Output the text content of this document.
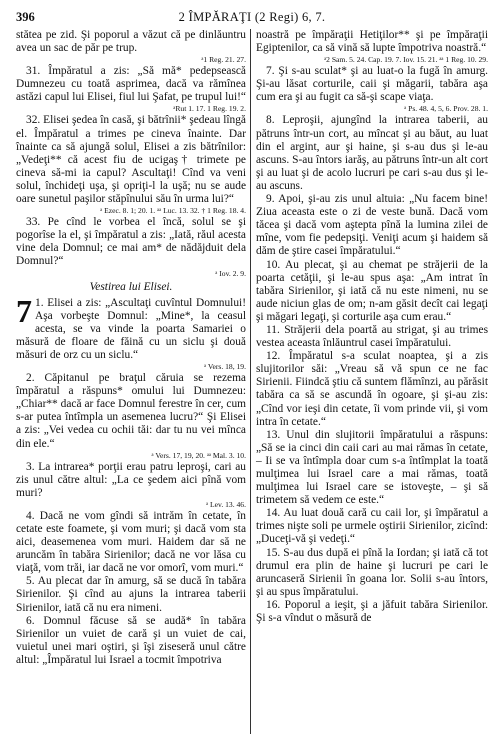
396	2 ÎMPĂRAŢI (2 Regi) 6, 7.

stătea pe zid. Şi poporul a văzut că pe dinlăuntru avea un sac de păr pe trup.

ᵃ1 Reg. 21. 27.

31. Împăratul a zis: „Să mă* pedepsească Dumnezeu cu toată asprimea, dacă va rămînea astăzi capul lui Elisei, fiul lui Şafat, pe trupul lui!“

ᵃRut 1. 17. 1 Reg. 19. 2.

32. Elisei şedea în casă, şi bătrînii* şedeau lîngă el. Împăratul a trimes pe cineva înainte. Dar înainte ca să ajungă solul, Elisei a zis bătrînilor: „Vedeţi** că acest fiu de ucigaş† trimete pe cineva să-mi ia capul? Ascultaţi! Cînd va veni solul, închideţi uşa, şi opriţi-l la uşă; nu se aude oare sunetul paşilor stăpînului său în urma lui?“

ᵃ Ezec. 8. 1; 20. 1. ᵃᵃ Luc. 13. 32. † 1 Reg. 18. 4.

33. Pe cînd le vorbea el încă, solul se şi pogorîse la el, şi împăratul a zis: „Iată, răul acesta vine dela Domnul; ce mai am* de nădăjduit dela Domnul?“

ᵃ Iov. 2. 9.

Vestirea lui Elisei.

7 1. Elisei a zis: „Ascultaţi cuvîntul Domnului! Aşa vorbeşte Domnul: „Mine*, la ceasul acesta, se va vinde la poarta Samariei o măsură de floare de făină cu un siclu şi două măsuri de orz cu un siclu.“

ᵃ Vers. 18, 19.

2. Căpitanul pe braţul căruia se rezema împăratul a răspuns* omului lui Dumnezeu: „Chiar** dacă ar face Domnul ferestre în cer, cum s-ar putea întîmpla un asemenea lucru?“ Şi Elisei a zis: „Vei vedea cu ochii tăi: dar tu nu vei mînca din ele.“

ᵃ Vers. 17, 19, 20. ᵃᵃ Mal. 3. 10.

3. La intrarea* porţii erau patru leproşi, cari au zis unul către altul: „La ce şedem aici pînă vom muri?

ᵃ Lev. 13. 46.

4. Dacă ne vom gîndi să intrăm în cetate, în cetate este foamete, şi vom muri; şi dacă vom sta aici, deasemenea vom muri. Haidem dar să ne aruncăm în tabăra Sirienilor; dacă ne vor lăsa cu viaţă, vom trăi, iar dacă ne vor omorî, vom muri.“

5. Au plecat dar în amurg, să se ducă în tabăra Sirienilor. Şi cînd au ajuns la intrarea taberii Sirienilor, iată că nu era nimeni.

6. Domnul făcuse să se audă* în tabăra Sirienilor un vuiet de cară şi un vuiet de cai, vuietul unei mari oştiri, şi îşi ziseseră unul către altul: „Împăratul lui Israel a tocmit împotriva

noastră pe împăraţii Hetiţilor** şi pe împăraţii Egiptenilor, ca să vină să lupte împotriva noastră.“

ᵃ2 Sam. 5. 24. Cap. 19. 7. Iov. 15. 21. ᵃᵃ 1 Reg. 10. 29.

7. Şi s-au sculat* şi au luat-o la fugă în amurg. Şi-au lăsat corturile, caii şi măgarii, tabăra aşa cum era şi au fugit ca să-şi scape viaţa.

ᵃ Ps. 48. 4, 5, 6. Prov. 28. 1.

8. Leproşii, ajungînd la intrarea taberii, au pătruns într-un cort, au mîncat şi au băut, au luat din el argint, aur şi haine, şi s-au dus şi le-au ascuns. S-au întors iarăş, au pătruns într-un alt cort şi au luat şi de acolo lucruri pe cari s-au dus şi le-au ascuns.

9. Apoi, şi-au zis unul altuia: „Nu facem bine! Ziua aceasta este o zi de veste bună. Dacă vom tăcea şi dacă vom aştepta pînă la lumina zilei de mîne, vom fie pedepsiţi. Veniţi acum şi haidem să dăm de ştire casei împăratului.“

10. Au plecat, şi au chemat pe străjerii de la poarta cetăţii, şi le-au spus aşa: „Am intrat în tabăra Sirienilor, şi iată că nu este nimeni, nu se aude niciun glas de om; n-am găsit decît cai legaţi şi măgari legaţi, şi corturile aşa cum erau.“

11. Străjerii dela poartă au strigat, şi au trimes vestea aceasta înlăuntrul casei împăratului.

12. Împăratul s-a sculat noaptea, şi a zis slujitorilor săi: „Vreau să vă spun ce ne fac Sirienii. Fiindcă ştiu că suntem flămînzi, au părăsit tabăra ca să se ascundă în ogoare, şi şi-au zis: „Cînd vor ieşi din cetate, îi vom prinde vii, şi vom intra în cetate.“

13. Unul din slujitorii împăratului a răspuns: „Să se ia cinci din caii cari au mai rămas în cetate, – Ii se va întîmpla doar cum s-a întîmplat la toată mulţimea lui Israel care a mai rămas, toată mulţimea lui Israel care se istoveşte, – şi să trimetem să vedem ce este.“

14. Au luat două cară cu caii lor, şi împăratul a trimes nişte soli pe urmele oştirii Sirienilor, zicînd: „Duceţi-vă şi vedeţi.“

15. S-au dus după ei pînă la Iordan; şi iată că tot drumul era plin de haine şi lucruri pe cari le aruncaseră Sirienii în goana lor. Solii s-au întors, şi au spus împăratului.

16. Poporul a ieşit, şi a jăfuit tabăra Sirienilor. Şi s-a vîndut o măsură de
